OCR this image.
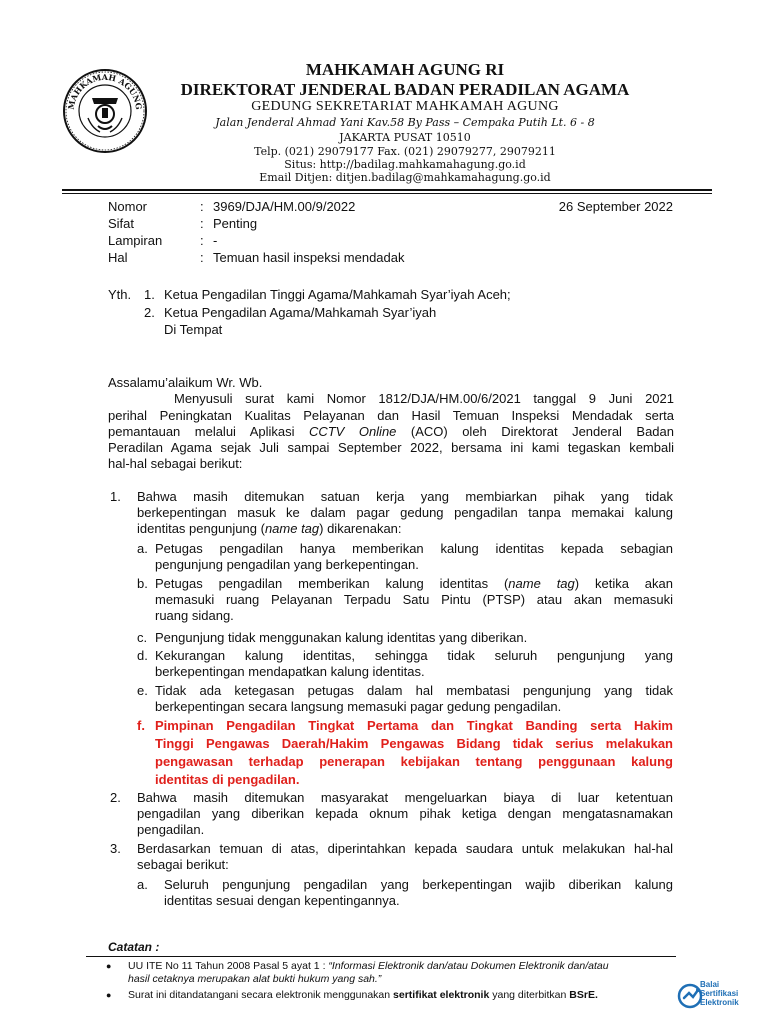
MAHKAMAH AGUNG
MAHKAMAH AGUNG RI
DIREKTORAT JENDERAL BADAN PERADILAN AGAMA
GEDUNG SEKRETARIAT MAHKAMAH AGUNG
Jalan Jenderal Ahmad Yani Kav.58 By Pass – Cempaka Putih Lt. 6 - 8
JAKARTA PUSAT 10510
Telp. (021) 29079177 Fax. (021) 29079277, 29079211
Situs: http://badilag.mahkamahagung.go.id
Email Ditjen: ditjen.badilag@mahkamahagung.go.id
Nomor	: 3969/DJA/HM.00/9/2022	26 September 2022
Sifat	: Penting
Lampiran	: -
Hal	: Temuan hasil inspeksi mendadak
Yth. 1. Ketua Pengadilan Tinggi Agama/Mahkamah Syar’iyah Aceh;
2. Ketua Pengadilan Agama/Mahkamah Syar’iyah
Di Tempat
Assalamu’alaikum Wr. Wb.
Menyusuli surat kami Nomor 1812/DJA/HM.00/6/2021 tanggal 9 Juni 2021
perihal Peningkatan Kualitas Pelayanan dan Hasil Temuan Inspeksi Mendadak serta
pemantauan melalui Aplikasi CCTV Online (ACO) oleh Direktorat Jenderal Badan
Peradilan Agama sejak Juli sampai September 2022, bersama ini kami tegaskan kembali
hal-hal sebagai berikut:
1. Bahwa masih ditemukan satuan kerja yang membiarkan pihak yang tidak
berkepentingan masuk ke dalam pagar gedung pengadilan tanpa memakai kalung
identitas pengunjung (name tag) dikarenakan:
a. Petugas pengadilan hanya memberikan kalung identitas kepada sebagian
pengunjung pengadilan yang berkepentingan.
b. Petugas pengadilan memberikan kalung identitas (name tag) ketika akan
memasuki ruang Pelayanan Terpadu Satu Pintu (PTSP) atau akan memasuki
ruang sidang.
c. Pengunjung tidak menggunakan kalung identitas yang diberikan.
d. Kekurangan kalung identitas, sehingga tidak seluruh pengunjung yang
berkepentingan mendapatkan kalung identitas.
e. Tidak ada ketegasan petugas dalam hal membatasi pengunjung yang tidak
berkepentingan secara langsung memasuki pagar gedung pengadilan.
f. Pimpinan Pengadilan Tingkat Pertama dan Tingkat Banding serta Hakim
Tinggi Pengawas Daerah/Hakim Pengawas Bidang tidak serius melakukan
pengawasan terhadap penerapan kebijakan tentang penggunaan kalung
identitas di pengadilan.
2. Bahwa masih ditemukan masyarakat mengeluarkan biaya di luar ketentuan
pengadilan yang diberikan kepada oknum pihak ketiga dengan mengatasnamakan
pengadilan.
3. Berdasarkan temuan di atas, diperintahkan kepada saudara untuk melakukan hal-hal
sebagai berikut:
a. Seluruh pengunjung pengadilan yang berkepentingan wajib diberikan kalung
identitas sesuai dengan kepentingannya.
Catatan :
● UU ITE No 11 Tahun 2008 Pasal 5 ayat 1 : “Informasi Elektronik dan/atau Dokumen Elektronik dan/atau
hasil cetaknya merupakan alat bukti hukum yang sah.”
● Surat ini ditandatangani secara elektronik menggunakan sertifikat elektronik yang diterbitkan BSrE.
Balai
Sertifikasi
Elektronik
